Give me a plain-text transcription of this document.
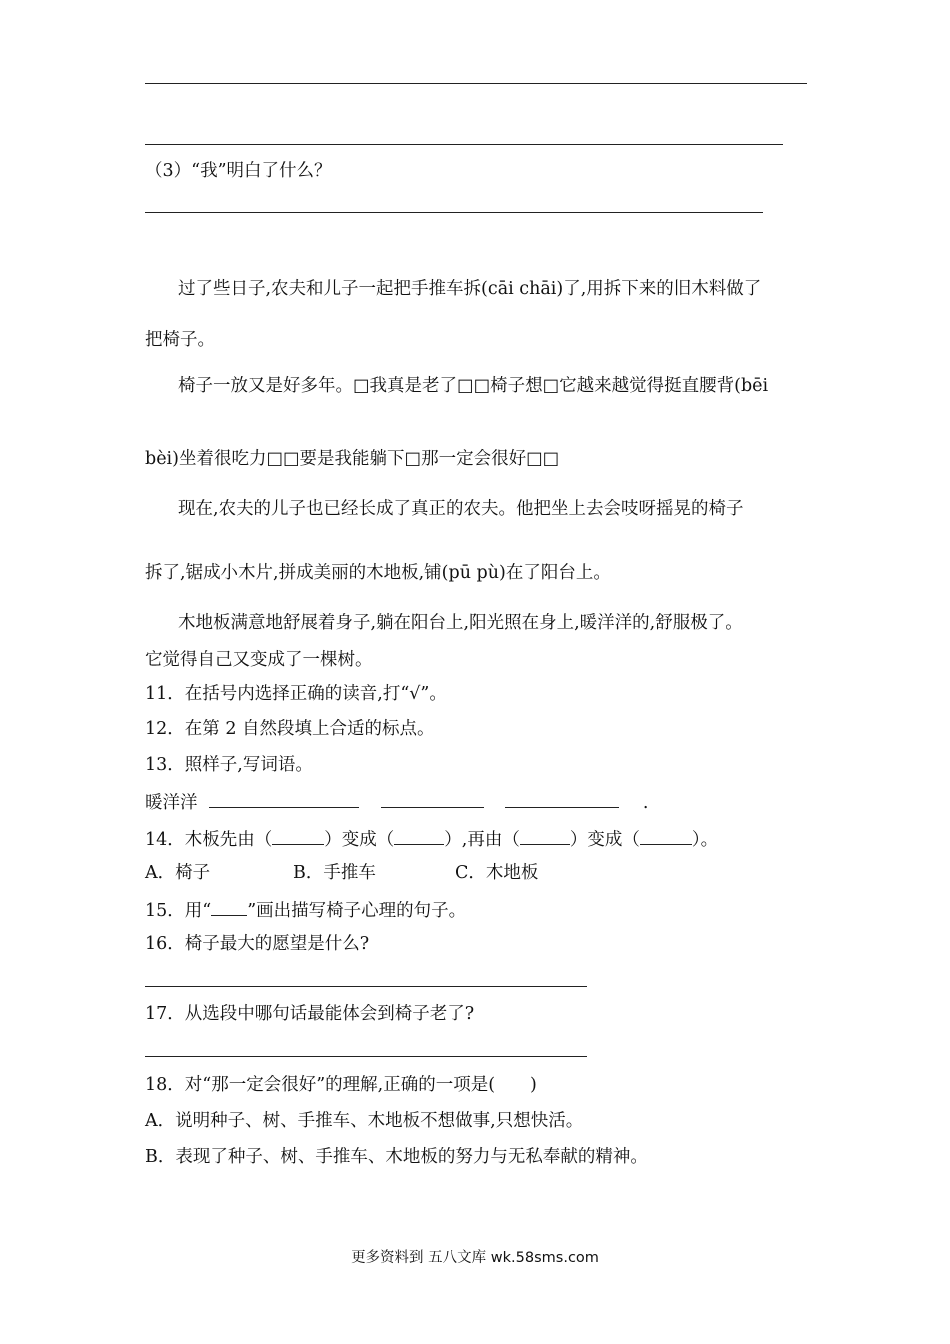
（3）“我”明白了什么？
过了些日子,农夫和儿子一起把手推车拆(cāi chāi)了,用拆下来的旧木料做了
把椅子。
椅子一放又是好多年。□我真是老了□□椅子想□它越来越觉得挺直腰背(bēi
bèi)坐着很吃力□□要是我能躺下□那一定会很好□□
现在,农夫的儿子也已经长成了真正的农夫。他把坐上去会吱呀摇晃的椅子
拆了,锯成小木片,拼成美丽的木地板,铺(pū pù)在了阳台上。
木地板满意地舒展着身子,躺在阳台上,阳光照在身上,暖洋洋的,舒服极了。
它觉得自己又变成了一棵树。
11．在括号内选择正确的读音,打“√”。
12．在第 2 自然段填上合适的标点。
13．照样子,写词语。
暖洋洋	.
14．木板先由（	）变成（	）,再由（	）变成（	）。
A．椅子	B．手推车	C．木地板
15．用“ ”画出描写椅子心理的句子。
16．椅子最大的愿望是什么?
17．从选段中哪句话最能体会到椅子老了?
18．对“那一定会很好”的理解,正确的一项是(　　)
A．说明种子、树、手推车、木地板不想做事,只想快活。
B．表现了种子、树、手推车、木地板的努力与无私奉献的精神。
更多资料到 五八文库 wk.58sms.com
